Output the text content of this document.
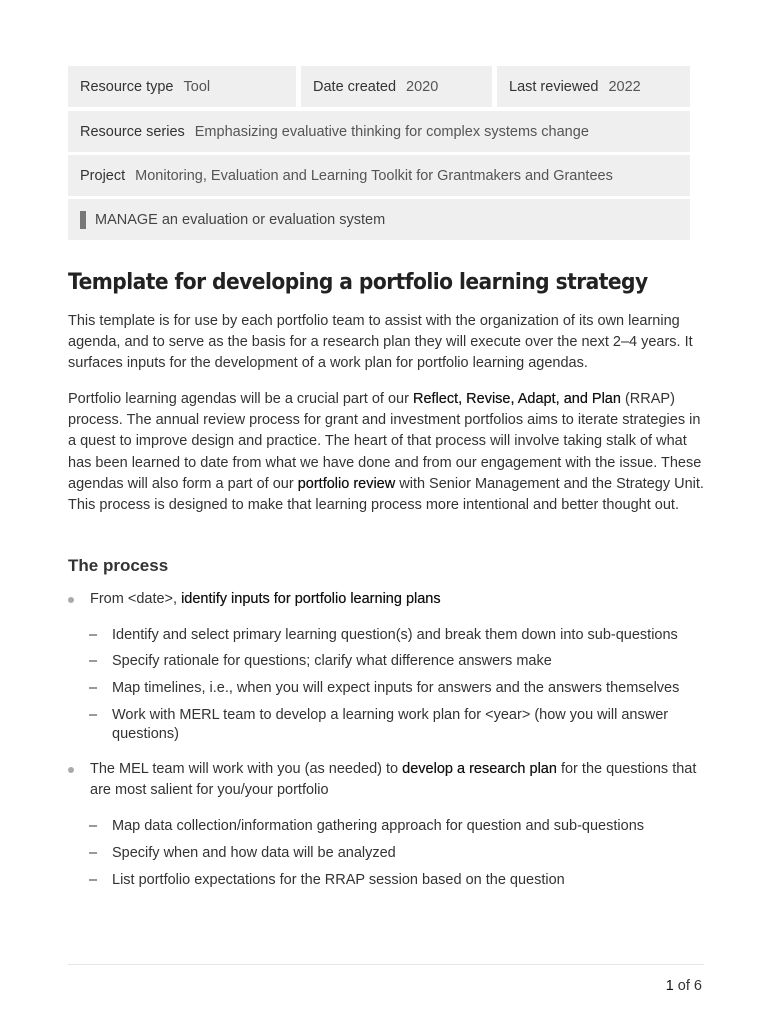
Resource type Tool	Date created 2020	Last reviewed 2022
Resource series Emphasizing evaluative thinking for complex systems change
Project Monitoring, Evaluation and Learning Toolkit for Grantmakers and Grantees
MANAGE an evaluation or evaluation system
Template for developing a portfolio learning strategy

This template is for use by each portfolio team to assist with the organization of its own learning agenda, and to serve as the basis for a research plan they will execute over the next 2–4 years. It surfaces inputs for the development of a work plan for portfolio learning agendas.

Portfolio learning agendas will be a crucial part of our Reflect, Revise, Adapt, and Plan (RRAP) process. The annual review process for grant and investment portfolios aims to iterate strategies in a quest to improve design and practice. The heart of that process will involve taking stalk of what has been learned to date from what we have done and from our engagement with the issue. These agendas will also form a part of our portfolio review with Senior Management and the Strategy Unit. This process is designed to make that learning process more intentional and better thought out.

The process

From <date>, identify inputs for portfolio learning plans

– Identify and select primary learning question(s) and break them down into sub-questions

– Specify rationale for questions; clarify what difference answers make

– Map timelines, i.e., when you will expect inputs for answers and the answers themselves

– Work with MERL team to develop a learning work plan for <year> (how you will answer questions)

The MEL team will work with you (as needed) to develop a research plan for the questions that are most salient for you/your portfolio

– Map data collection/information gathering approach for question and sub-questions

– Specify when and how data will be analyzed

– List portfolio expectations for the RRAP session based on the question

1 of 6
